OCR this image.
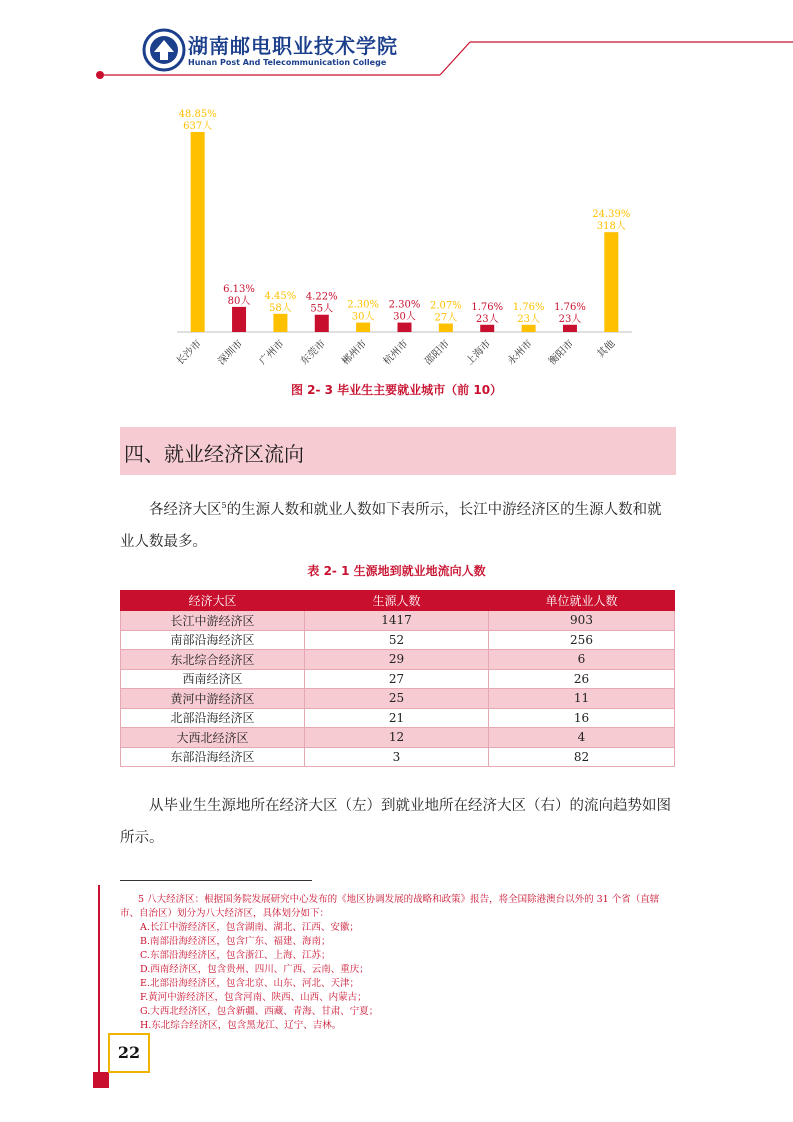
湖南邮电职业技术学院
Hunan Post And Telecommunication College
48.85%
637人
长沙市
6.13%
80人
深圳市
4.45%
58人
广州市
4.22%
55人
东莞市
2.30%
30人
郴州市
2.30%
30人
杭州市
2.07%
27人
邵阳市
1.76%
23人
上海市
1.76%
23人
永州市
1.76%
23人
衡阳市
24.39%
318人
其他
图 2- 3 毕业生主要就业城市（前 10）
四、就业经济区流向
各经济大区$^5$的生源人数和就业人数如下表所示，长江中游经济区的生源人数和就业人数最多。
表 2- 1 生源地到就业地流向人数
经济大区	生源人数	单位就业人数
长江中游经济区	1417	903
南部沿海经济区	52	256
东北综合经济区	29	6
西南经济区	27	26
黄河中游经济区	25	11
北部沿海经济区	21	16
大西北经济区	12	4
东部沿海经济区	3	82
从毕业生生源地所在经济大区（左）到就业地所在经济大区（右）的流向趋势如图所示。
5 八大经济区：根据国务院发展研究中心发布的《地区协调发展的战略和政策》报告，将全国除港澳台以外的 31 个省（直辖市、自治区）划分为八大经济区，具体划分如下：
A.长江中游经济区，包含湖南、湖北、江西、安徽；
B.南部沿海经济区，包含广东、福建、海南；
C.东部沿海经济区，包含浙江、上海、江苏；
D.西南经济区，包含贵州、四川、广西、云南、重庆；
E.北部沿海经济区，包含北京、山东、河北、天津；
F.黄河中游经济区，包含河南、陕西、山西、内蒙古；
G.大西北经济区，包含新疆、西藏、青海、甘肃、宁夏；
H.东北综合经济区，包含黑龙江、辽宁、吉林。
22
